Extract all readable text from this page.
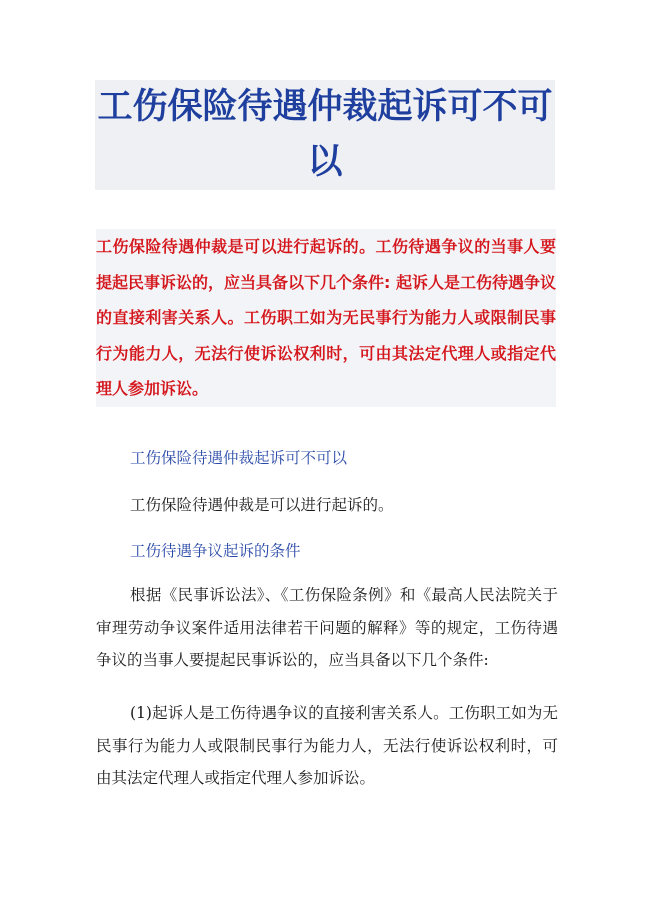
工伤保险待遇仲裁起诉可不可以

工伤保险待遇仲裁是可以进行起诉的。工伤待遇争议的当事人要提起民事诉讼的，应当具备以下几个条件: 起诉人是工伤待遇争议的直接利害关系人。工伤职工如为无民事行为能力人或限制民事行为能力人，无法行使诉讼权利时，可由其法定代理人或指定代理人参加诉讼。

工伤保险待遇仲裁起诉可不可以

工伤保险待遇仲裁是可以进行起诉的。

工伤待遇争议起诉的条件

根据《民事诉讼法》、《工伤保险条例》和《最高人民法院关于审理劳动争议案件适用法律若干问题的解释》等的规定，工伤待遇争议的当事人要提起民事诉讼的，应当具备以下几个条件:

(1)起诉人是工伤待遇争议的直接利害关系人。工伤职工如为无民事行为能力人或限制民事行为能力人，无法行使诉讼权利时，可由其法定代理人或指定代理人参加诉讼。
